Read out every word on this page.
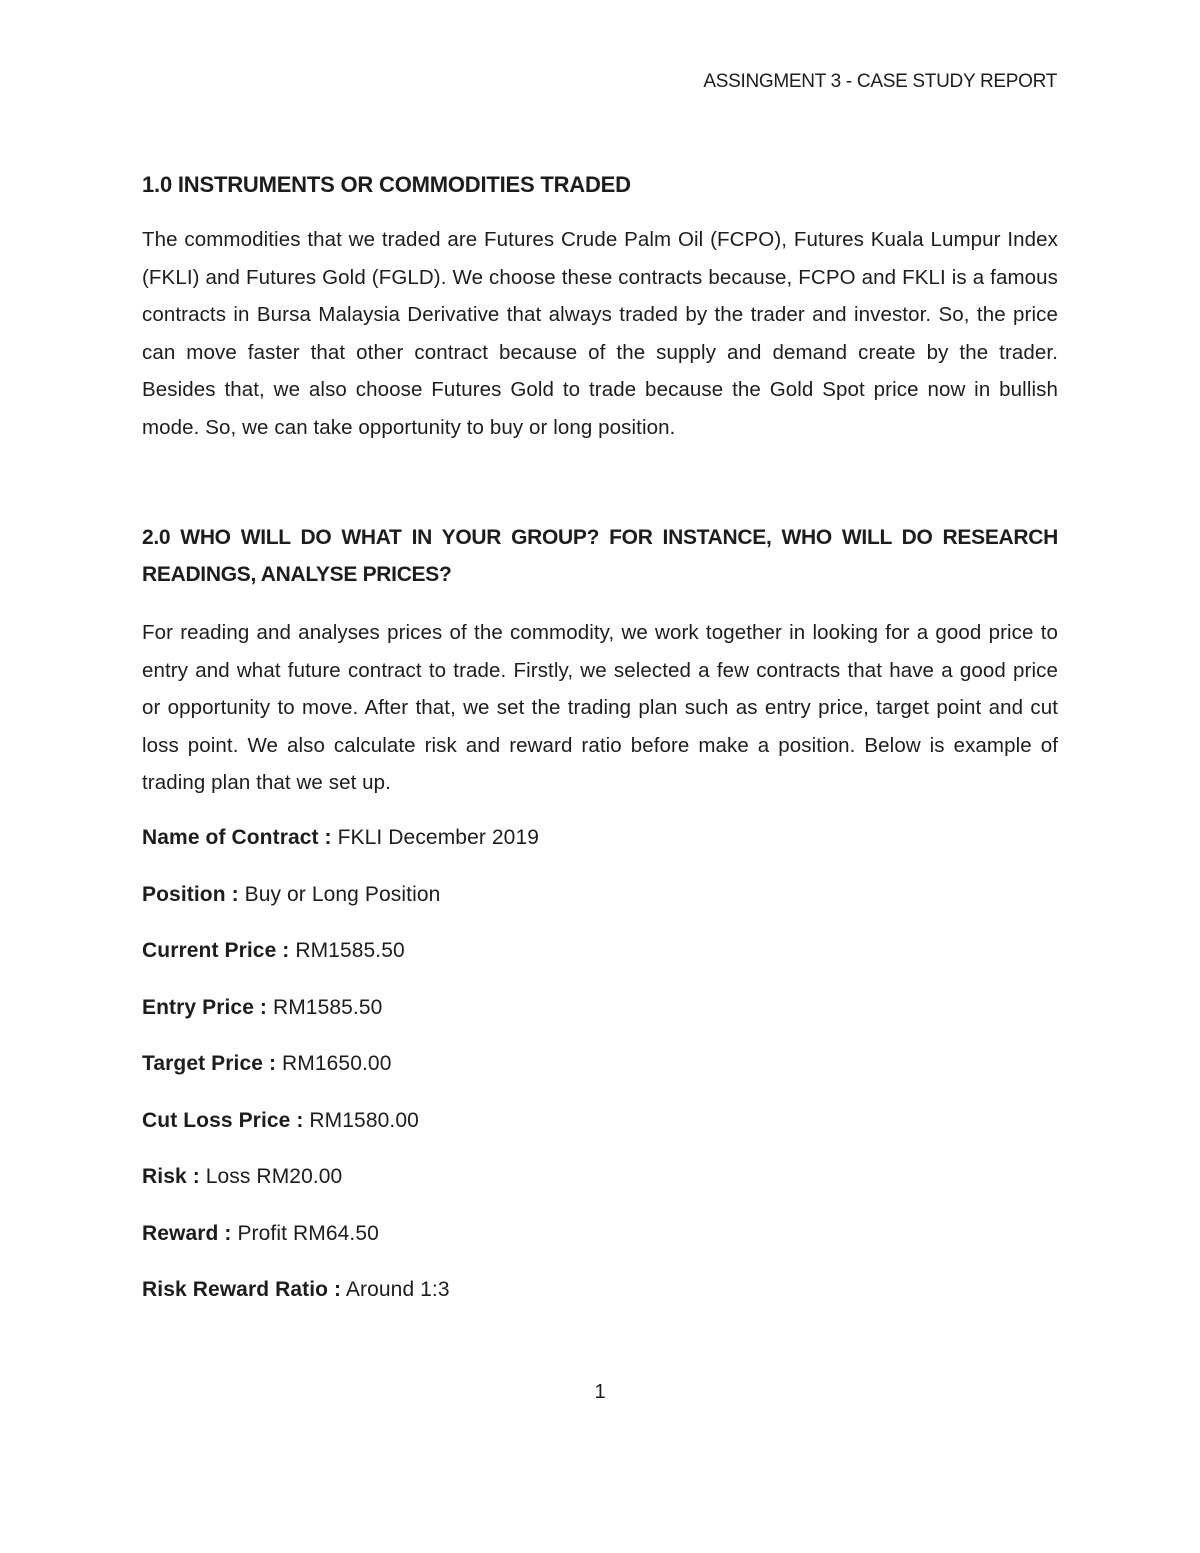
ASSINGMENT 3 - CASE STUDY REPORT
1.0 INSTRUMENTS OR COMMODITIES TRADED

The commodities that we traded are Futures Crude Palm Oil (FCPO), Futures Kuala Lumpur Index (FKLI) and Futures Gold (FGLD). We choose these contracts because, FCPO and FKLI is a famous contracts in Bursa Malaysia Derivative that always traded by the trader and investor. So, the price can move faster that other contract because of the supply and demand create by the trader. Besides that, we also choose Futures Gold to trade because the Gold Spot price now in bullish mode. So, we can take opportunity to buy or long position.

2.0 WHO WILL DO WHAT IN YOUR GROUP? FOR INSTANCE, WHO WILL DO RESEARCH READINGS, ANALYSE PRICES?

For reading and analyses prices of the commodity, we work together in looking for a good price to entry and what future contract to trade. Firstly, we selected a few contracts that have a good price or opportunity to move. After that, we set the trading plan such as entry price, target point and cut loss point. We also calculate risk and reward ratio before make a position. Below is example of trading plan that we set up.

Name of Contract : FKLI December 2019

Position : Buy or Long Position

Current Price : RM1585.50

Entry Price : RM1585.50

Target Price : RM1650.00

Cut Loss Price : RM1580.00

Risk : Loss RM20.00

Reward : Profit RM64.50

Risk Reward Ratio : Around 1:3

1
